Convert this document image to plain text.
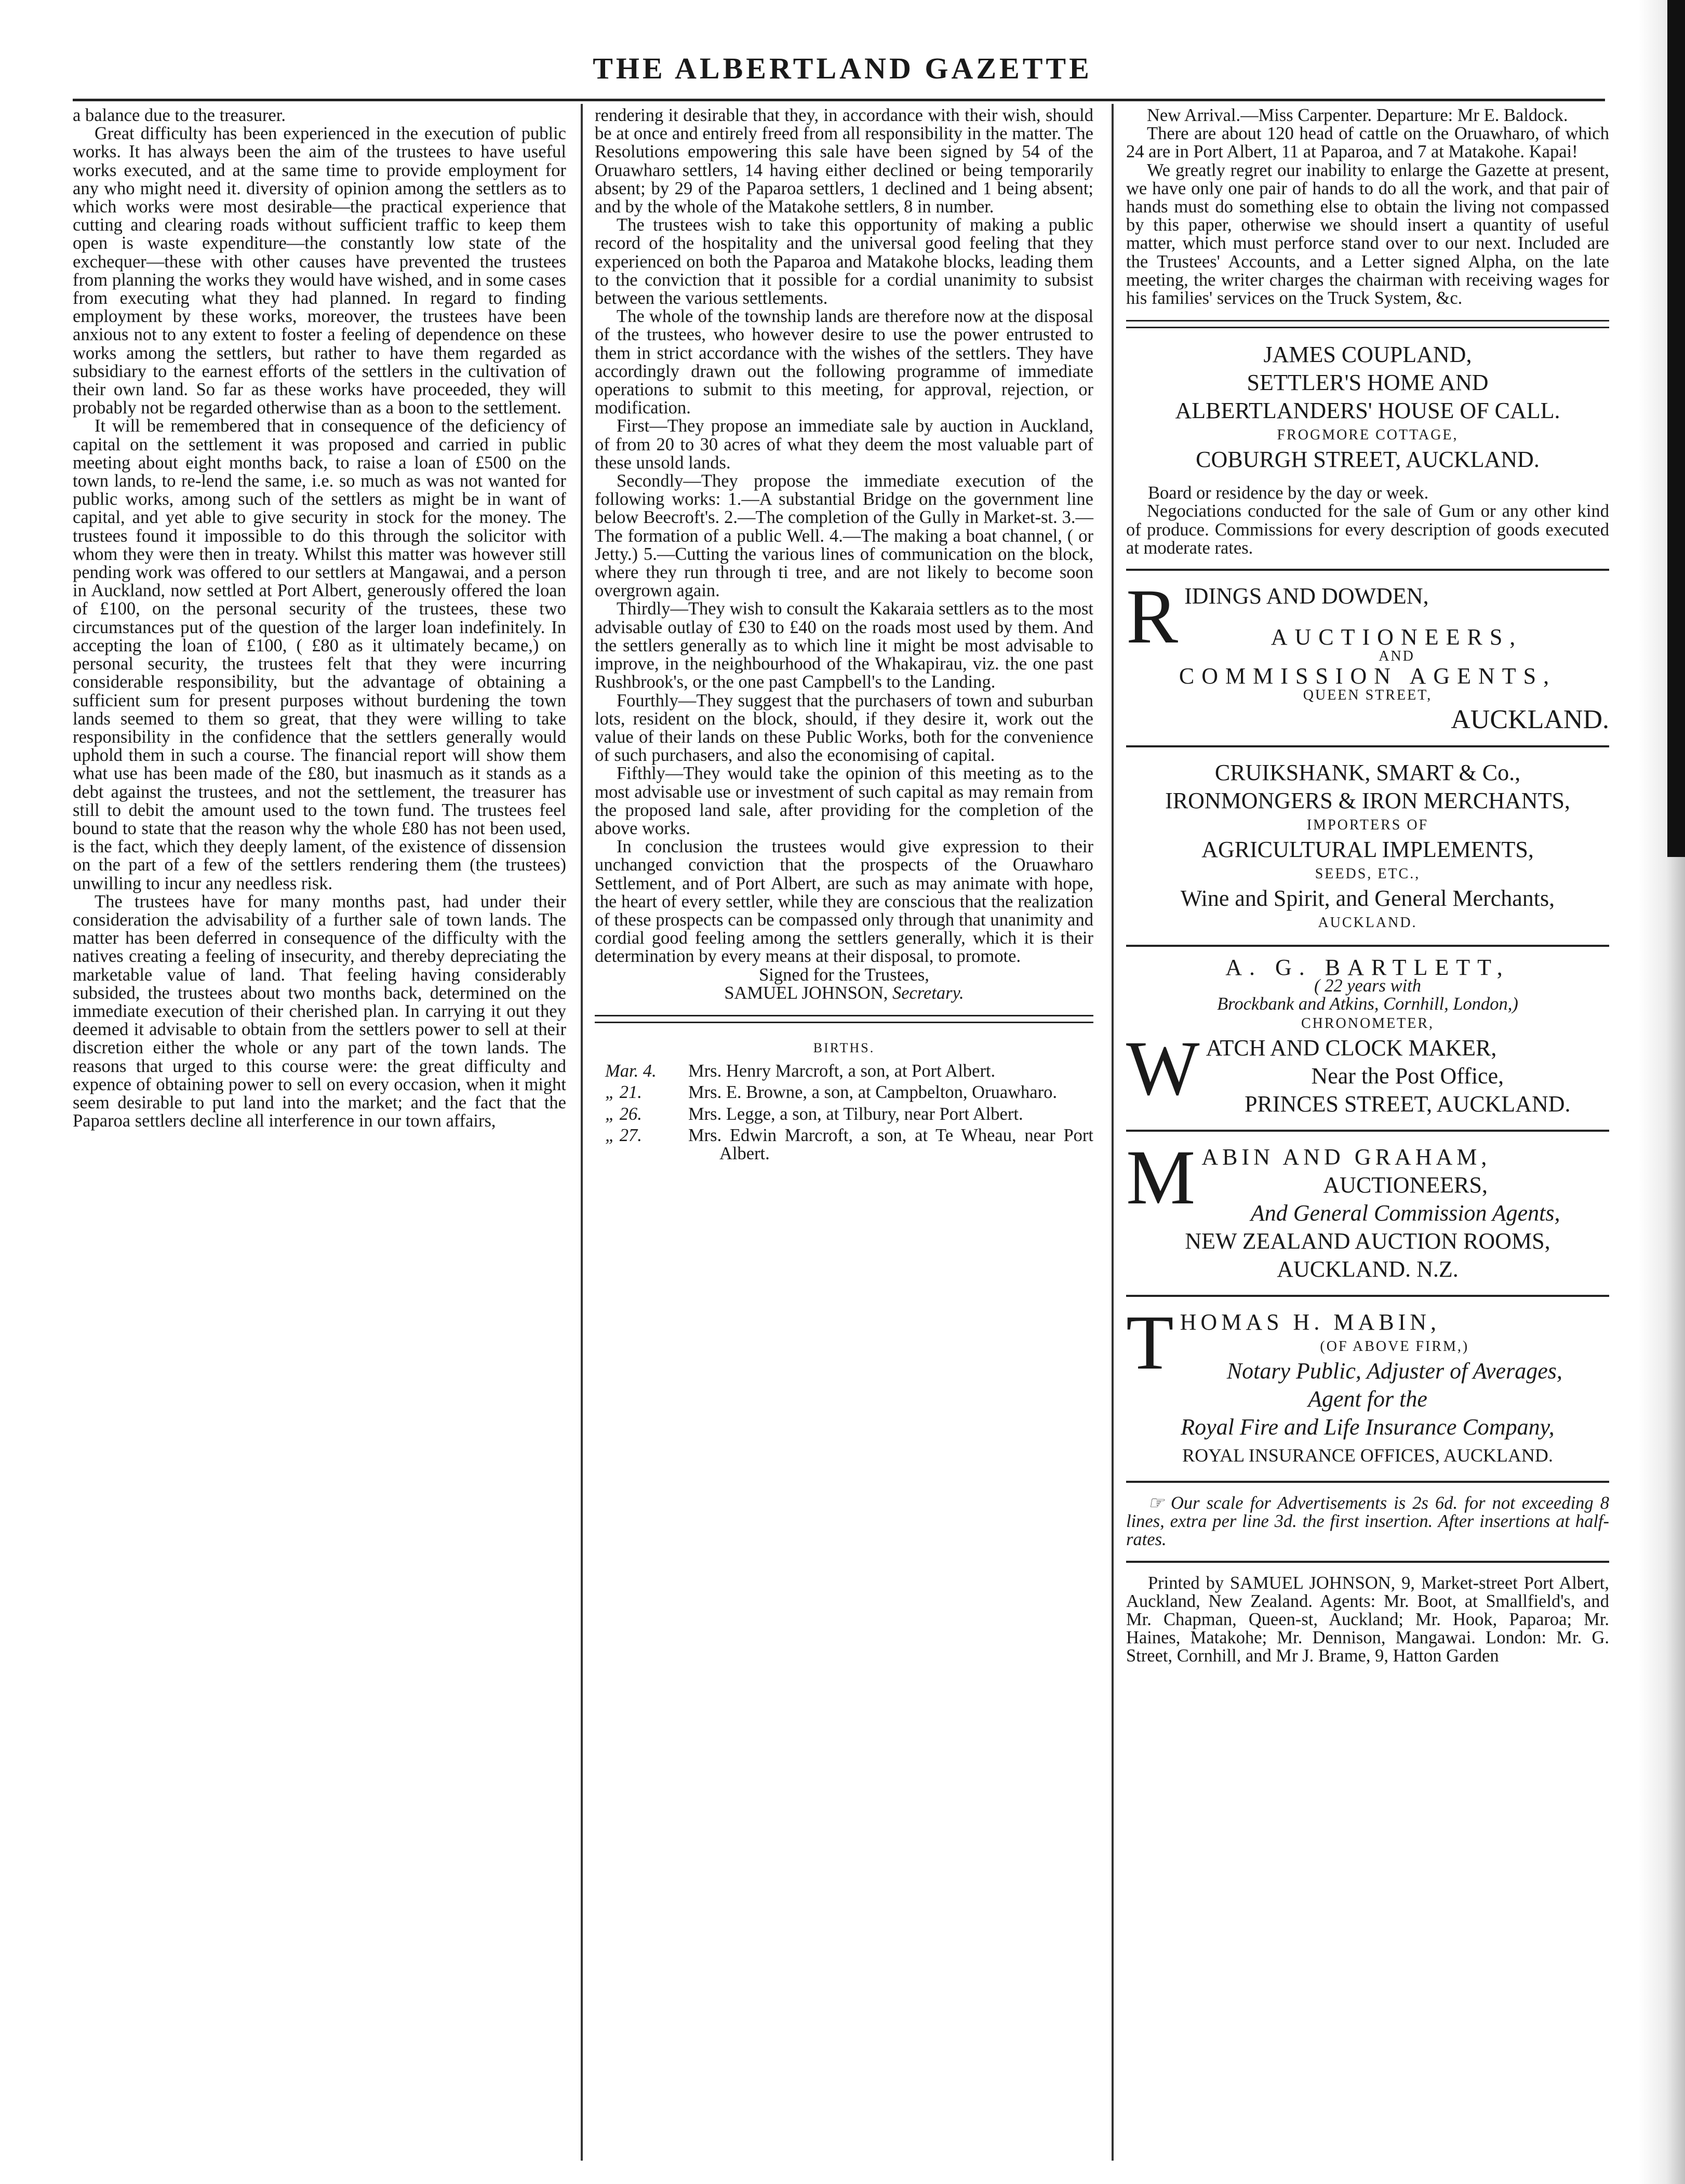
THE ALBERTLAND GAZETTE

a balance due to the treasurer.

Great difficulty has been experienced in the execution of public works. It has always been the aim of the trustees to have useful works executed, and at the same time to provide employment for any who might need it. diversity of opinion among the settlers as to which works were most desirable—the practical experience that cutting and clearing roads without sufficient traffic to keep them open is waste expenditure—the constantly low state of the exchequer—these with other causes have prevented the trustees from planning the works they would have wished, and in some cases from executing what they had planned. In regard to finding employment by these works, moreover, the trustees have been anxious not to any extent to foster a feeling of dependence on these works among the settlers, but rather to have them regarded as subsidiary to the earnest efforts of the settlers in the cultivation of their own land. So far as these works have proceeded, they will probably not be regarded otherwise than as a boon to the settlement.

It will be remembered that in consequence of the deficiency of capital on the settlement it was proposed and carried in public meeting about eight months back, to raise a loan of £500 on the town lands, to re-lend the same, i.e. so much as was not wanted for public works, among such of the settlers as might be in want of capital, and yet able to give security in stock for the money. The trustees found it impossible to do this through the solicitor with whom they were then in treaty. Whilst this matter was however still pending work was offered to our settlers at Mangawai, and a person in Auckland, now settled at Port Albert, generously offered the loan of £100, on the personal security of the trustees, these two circumstances put of the question of the larger loan indefinitely. In accepting the loan of £100, ( £80 as it ultimately became,) on personal security, the trustees felt that they were incurring considerable responsibility, but the advantage of obtaining a sufficient sum for present purposes without burdening the town lands seemed to them so great, that they were willing to take responsibility in the confidence that the settlers generally would uphold them in such a course. The financial report will show them what use has been made of the £80, but inasmuch as it stands as a debt against the trustees, and not the settlement, the treasurer has still to debit the amount used to the town fund. The trustees feel bound to state that the reason why the whole £80 has not been used, is the fact, which they deeply lament, of the existence of dissension on the part of a few of the settlers rendering them (the trustees) unwilling to incur any needless risk.

The trustees have for many months past, had under their consideration the advisability of a further sale of town lands. The matter has been deferred in consequence of the difficulty with the natives creating a feeling of insecurity, and thereby depreciating the marketable value of land. That feeling having considerably subsided, the trustees about two months back, determined on the immediate execution of their cherished plan. In carrying it out they deemed it advisable to obtain from the settlers power to sell at their discretion either the whole or any part of the town lands. The reasons that urged to this course were: the great difficulty and expence of obtaining power to sell on every occasion, when it might seem desirable to put land into the market; and the fact that the Paparoa settlers decline all interference in our town affairs,

rendering it desirable that they, in accordance with their wish, should be at once and entirely freed from all responsibility in the matter. The Resolutions empowering this sale have been signed by 54 of the Oruawharo settlers, 14 having either declined or being temporarily absent; by 29 of the Paparoa settlers, 1 declined and 1 being absent; and by the whole of the Matakohe settlers, 8 in number.

The trustees wish to take this opportunity of making a public record of the hospitality and the universal good feeling that they experienced on both the Paparoa and Matakohe blocks, leading them to the conviction that it possible for a cordial unanimity to subsist between the various settlements.

The whole of the township lands are therefore now at the disposal of the trustees, who however desire to use the power entrusted to them in strict accordance with the wishes of the settlers. They have accordingly drawn out the following programme of immediate operations to submit to this meeting, for approval, rejection, or modification.

First—They propose an immediate sale by auction in Auckland, of from 20 to 30 acres of what they deem the most valuable part of these unsold lands.

Secondly—They propose the immediate execution of the following works: 1.—A substantial Bridge on the government line below Beecroft's. 2.—The completion of the Gully in Market-st. 3.—The formation of a public Well. 4.—The making a boat channel, ( or Jetty.) 5.—Cutting the various lines of communication on the block, where they run through ti tree, and are not likely to become soon overgrown again.

Thirdly—They wish to consult the Kakaraia settlers as to the most advisable outlay of £30 to £40 on the roads most used by them. And the settlers generally as to which line it might be most advisable to improve, in the neighbourhood of the Whakapirau, viz. the one past Rushbrook's, or the one past Campbell's to the Landing.

Fourthly—They suggest that the purchasers of town and suburban lots, resident on the block, should, if they desire it, work out the value of their lands on these Public Works, both for the convenience of such purchasers, and also the economising of capital.

Fifthly—They would take the opinion of this meeting as to the most advisable use or investment of such capital as may remain from the proposed land sale, after providing for the completion of the above works.

In conclusion the trustees would give expression to their unchanged conviction that the prospects of the Oruawharo Settlement, and of Port Albert, are such as may animate with hope, the heart of every settler, while they are conscious that the realization of these prospects can be compassed only through that unanimity and cordial good feeling among the settlers generally, which it is their determination by every means at their disposal, to promote.

Signed for the Trustees,
SAMUEL JOHNSON, Secretary.
BIRTHS.
Mar. 4.	Mrs. Henry Marcroft, a son, at Port Albert.
„ 21.	Mrs. E. Browne, a son, at Campbelton, Oruawharo.
„ 26.	Mrs. Legge, a son, at Tilbury, near Port Albert.
„ 27.	Mrs. Edwin Marcroft, a son, at Te Wheau, near Port Albert.

New Arrival.—Miss Carpenter. Departure: Mr E. Baldock.

There are about 120 head of cattle on the Oruawharo, of which 24 are in Port Albert, 11 at Paparoa, and 7 at Matakohe. Kapai!

We greatly regret our inability to enlarge the Gazette at present, we have only one pair of hands to do all the work, and that pair of hands must do something else to obtain the living not compassed by this paper, otherwise we should insert a quantity of useful matter, which must perforce stand over to our next. Included are the Trustees' Accounts, and a Letter signed Alpha, on the late meeting, the writer charges the chairman with receiving wages for his families' services on the Truck System, &c.

JAMES COUPLAND,
SETTLER'S HOME AND
ALBERTLANDERS' HOUSE OF CALL.
FROGMORE COTTAGE,
COBURGH STREET, AUCKLAND.

Board or residence by the day or week.

Negociations conducted for the sale of Gum or any other kind of produce. Commissions for every description of goods executed at moderate rates.

RIDINGS AND DOWDEN,
AUCTIONEERS,
AND
COMMISSION AGENTS,
QUEEN STREET,
AUCKLAND.
CRUIKSHANK, SMART & Co.,
IRONMONGERS & IRON MERCHANTS,
IMPORTERS OF
AGRICULTURAL IMPLEMENTS,
SEEDS, ETC.,
Wine and Spirit, and General Merchants,
AUCKLAND.
A. G. BARTLETT,
( 22 years with
Brockbank and Atkins, Cornhill, London,)
CHRONOMETER,
WATCH AND CLOCK MAKER,
Near the Post Office,
PRINCES STREET, AUCKLAND.
MABIN AND GRAHAM,
AUCTIONEERS,
And General Commission Agents,
NEW ZEALAND AUCTION ROOMS,
AUCKLAND. N.Z.
THOMAS H. MABIN,
(OF ABOVE FIRM,)
Notary Public, Adjuster of Averages,
Agent for the
Royal Fire and Life Insurance Company,
ROYAL INSURANCE OFFICES, AUCKLAND.

☞ Our scale for Advertisements is 2s 6d. for not exceeding 8 lines, extra per line 3d. the first insertion. After insertions at half-rates.

Printed by SAMUEL JOHNSON, 9, Market-street Port Albert, Auckland, New Zealand. Agents: Mr. Boot, at Smallfield's, and Mr. Chapman, Queen-st, Auckland; Mr. Hook, Paparoa; Mr. Haines, Matakohe; Mr. Dennison, Mangawai. London: Mr. G. Street, Cornhill, and Mr J. Brame, 9, Hatton Garden
